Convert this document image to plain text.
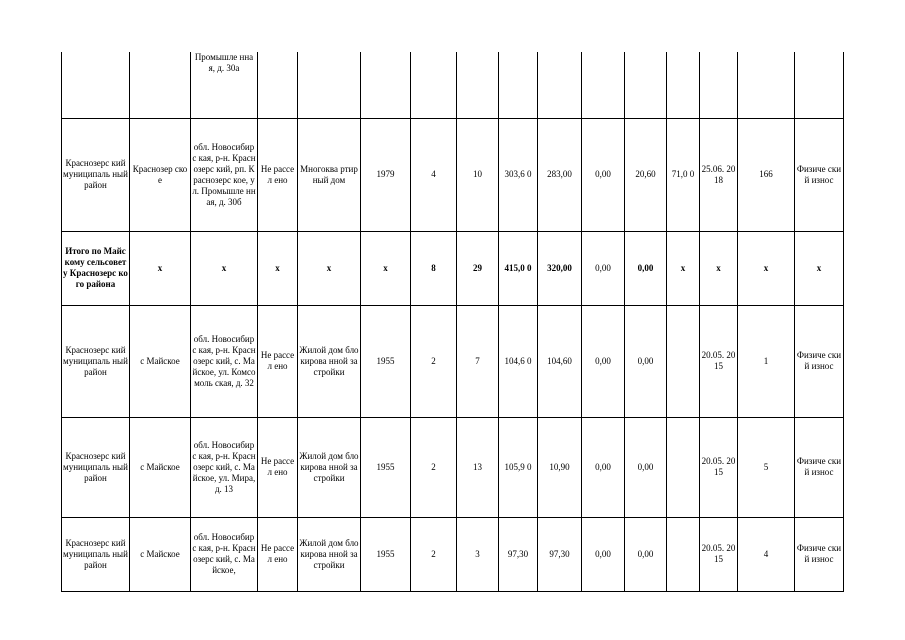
		Промышле нная, д. 30а													
Краснозерс кий муниципаль ный район	Краснозер ское	обл. Новосибирс кая, р-н. Краснозерс кий, рп. Краснозерс кое, ул. Промышле нная, д. 30б	Не рассел ено	Многоква ртирный дом	1979	4	10	303,6 0	283,00	0,00	20,60	71,0 0	25.06. 2018	166	Физиче ский износ
Итого по Майскому сельсовету Краснозерс кого района	x	x	x	x	x	8	29	415,0 0	320,00	0,00	0,00	x	x	x	x
Краснозерс кий муниципаль ный район	с Майское	обл. Новосибирс кая, р-н. Краснозерс кий, с. Майское, ул. Комсомоль ская, д. 32	Не рассел ено	Жилой дом блокирова нной застройки	1955	2	7	104,6 0	104,60	0,00	0,00		20.05. 2015	1	Физиче ский износ
Краснозерс кий муниципаль ный район	с Майское	обл. Новосибирс кая, р-н. Краснозерс кий, с. Майское, ул. Мира, д. 13	Не рассел ено	Жилой дом блокирова нной застройки	1955	2	13	105,9 0	10,90	0,00	0,00		20.05. 2015	5	Физиче ский износ
Краснозерс кий муниципаль ный район	с Майское	обл. Новосибирс кая, р-н. Краснозерс кий, с. Майское,	Не рассел ено	Жилой дом блокирова нной застройки	1955	2	3	97,30	97,30	0,00	0,00		20.05. 2015	4	Физиче ский износ
